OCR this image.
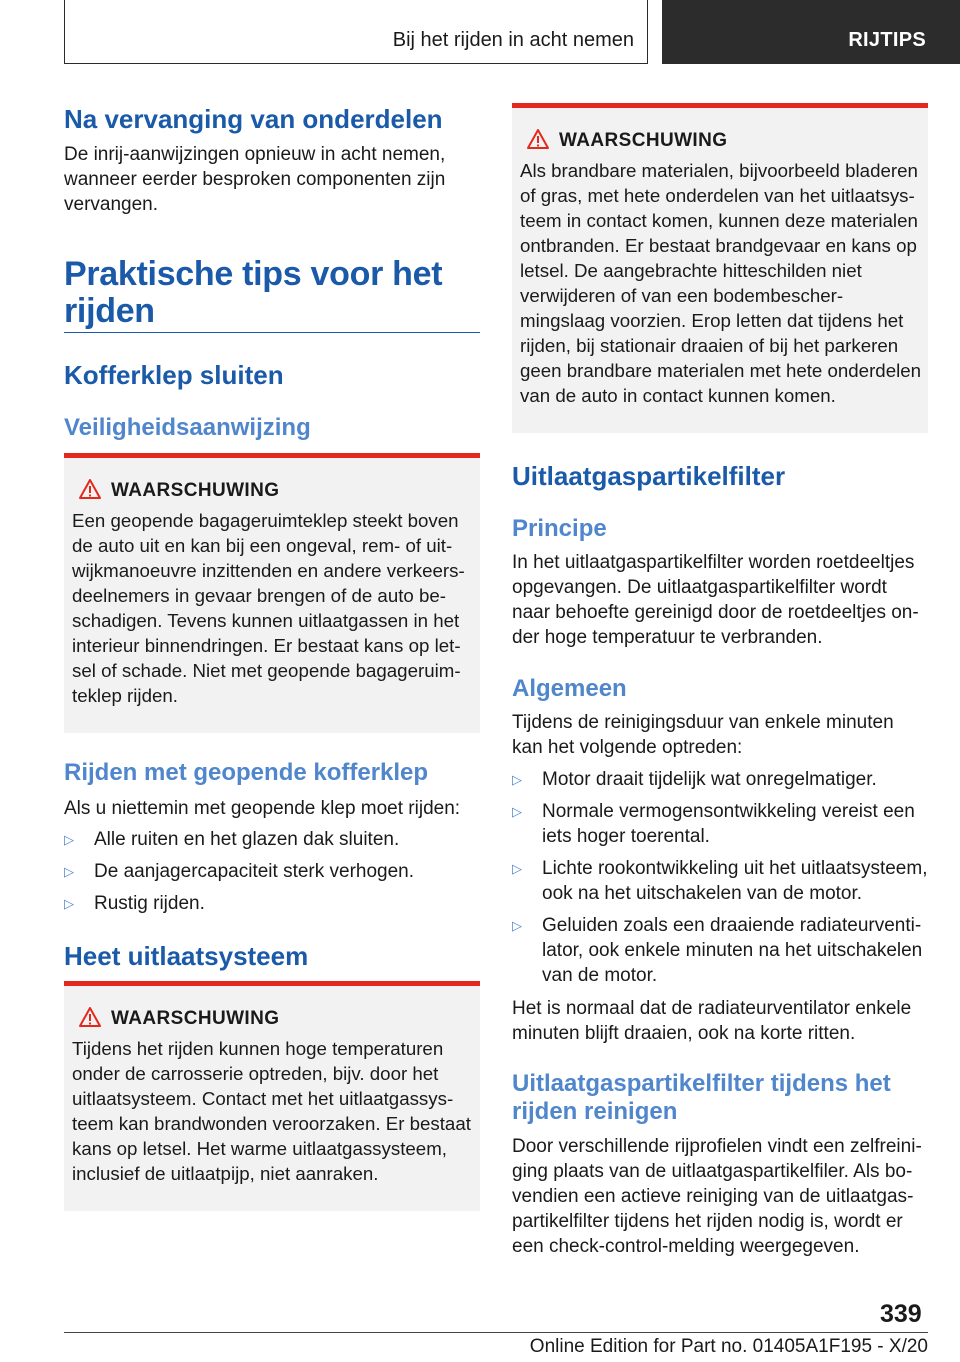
Bij het rijden in acht nemen	RIJTIPS
Na vervanging van onderdelen

De inrij-aanwijzingen opnieuw in acht nemen, wanneer eerder besproken componenten zijn vervangen.

Praktische tips voor het rijden
Kofferklep sluiten
Veiligheidsaanwijzing
WAARSCHUWING

Een geopende bagageruimteklep steekt boven de auto uit en kan bij een ongeval, rem- of uitwijkmanoeuvre inzittenden en andere verkeersdeelnemers in gevaar brengen of de auto beschadigen. Tevens kunnen uitlaatgassen in het interieur binnendringen. Er bestaat kans op letsel of schade. Niet met geopende bagageruimteklep rijden.

Rijden met geopende kofferklep

Als u niettemin met geopende klep moet rijden:

▷	Alle ruiten en het glazen dak sluiten.
▷	De aanjagercapaciteit sterk verhogen.
▷	Rustig rijden.
Heet uitlaatsysteem
WAARSCHUWING

Tijdens het rijden kunnen hoge temperaturen onder de carrosserie optreden, bijv. door het uitlaatsysteem. Contact met het uitlaatgassysteem kan brandwonden veroorzaken. Er bestaat kans op letsel. Het warme uitlaatgassysteem, inclusief de uitlaatpijp, niet aanraken.

WAARSCHUWING

Als brandbare materialen, bijvoorbeeld bladeren of gras, met hete onderdelen van het uitlaatsysteem in contact komen, kunnen deze materialen ontbranden. Er bestaat brandgevaar en kans op letsel. De aangebrachte hitteschilden niet verwijderen of van een bodembeschermingslaag voorzien. Erop letten dat tijdens het rijden, bij stationair draaien of bij het parkeren geen brandbare materialen met hete onderdelen van de auto in contact kunnen komen.

Uitlaatgaspartikelfilter
Principe

In het uitlaatgaspartikelfilter worden roetdeeltjes opgevangen. De uitlaatgaspartikelfilter wordt naar behoefte gereinigd door de roetdeeltjes onder hoge temperatuur te verbranden.

Algemeen

Tijdens de reinigingsduur van enkele minuten kan het volgende optreden:

▷	Motor draait tijdelijk wat onregelmatiger.
▷	Normale vermogensontwikkeling vereist een iets hoger toerental.
▷	Lichte rookontwikkeling uit het uitlaatsysteem, ook na het uitschakelen van de motor.
▷	Geluiden zoals een draaiende radiateurventilator, ook enkele minuten na het uitschakelen van de motor.

Het is normaal dat de radiateurventilator enkele minuten blijft draaien, ook na korte ritten.

Uitlaatgaspartikelfilter tijdens het rijden reinigen

Door verschillende rijprofielen vindt een zelfreiniging plaats van de uitlaatgaspartikelfiler. Als bovendien een actieve reiniging van de uitlaatgaspartikelfilter tijdens het rijden nodig is, wordt er een check-control-melding weergegeven.

339
Online Edition for Part no. 01405A1F195 - X/20
